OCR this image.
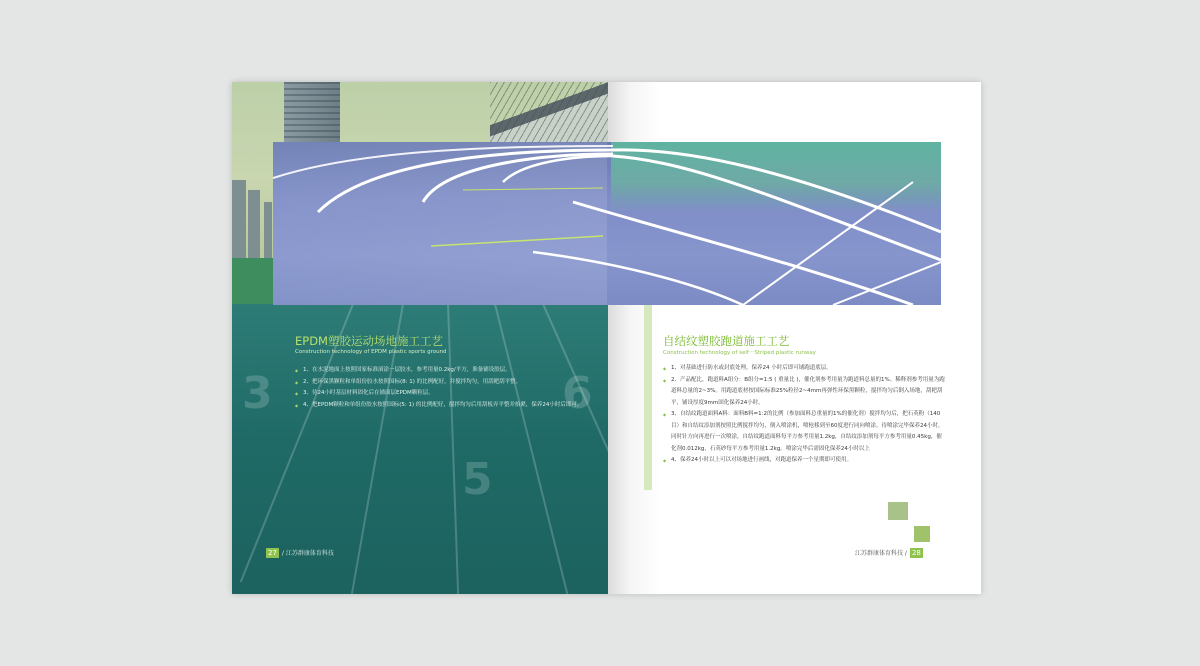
3
5
6
EPDM塑胶运动场地施工工艺
Construction technology of EPDM plastic sports ground
◆ 1、在水泥地面上按照国家标准滚涂一层胶水，参考用量0.2kg/平方，准备铺设胶层。
◆ 2、把环保黑颗粒和单组份胶水按照国标(8: 1) 的比例配好，并搅拌均匀，用刮耙刮平整。
◆ 3、待24小时基层材料固化后在铺面层EPDM颗粒层。
◆ 4、把EPDM颗粒和单组份胶水按照国标(5: 1) 的比例配好，搅拌均匀后用刮板弄平整并抬紧，保养24小时后即可。
27 / 江苏群康体育科技
自结纹塑胶跑道施工工艺
Construction technology of self－Striped plastic runway
◆ 1、对基础进行防水或封底处理，保养24 小时后即可铺跑道底层。
◆ 2、产品配比，跑道料A组分：B组分=1:5 ( 重量比 )，催化剂参考用量为跑道料总量的1%。稀释剂参考用量为跑道料总量的2~3%。用跑道底材按国际标准25%粒径2~4mm再弹性环保黑颗粒，搅拌均匀后倒入场地，刮耙刮平，铺设厚度9mm固化保养24小时。
◆ 3、自结纹跑道面料A料：面料B料=1:2的比例（参加面料总重量的1%的催化剂）搅拌均匀后，把石英粉（140目）和自结纹添加剂按照比例搅拌均匀，倒入喷涂机，喷枪移到至60度进行同向喷涂。待喷涂完毕保养24小时，同时针方向再进行一次喷涂，自结纹跑道面料每平方参考用量1.2kg，自结纹添加剂每平方参考用量0.45kg，催化剂0.012kg，石英砂每平方参考用量1.2kg。喷涂完毕后需固化保养24小时以上
◆ 4、保养24小时以上可以对场地进行画线，对跑道保养一个星期即可使用。
江苏群康体育科技 / 28
